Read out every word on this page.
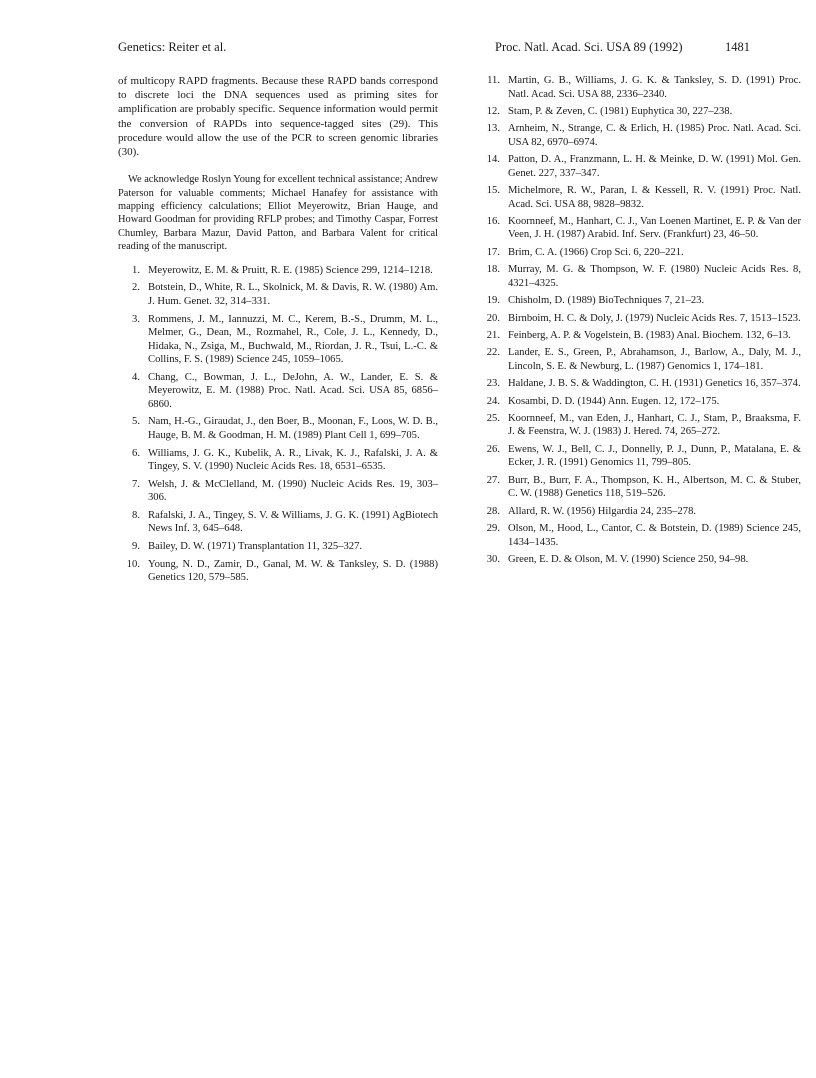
Genetics: Reiter et al.	Proc. Natl. Acad. Sci. USA 89 (1992)	1481

of multicopy RAPD fragments. Because these RAPD bands correspond to discrete loci the DNA sequences used as priming sites for amplification are probably specific. Sequence information would permit the conversion of RAPDs into sequence-tagged sites (29). This procedure would allow the use of the PCR to screen genomic libraries (30).

We acknowledge Roslyn Young for excellent technical assistance; Andrew Paterson for valuable comments; Michael Hanafey for assistance with mapping efficiency calculations; Elliot Meyerowitz, Brian Hauge, and Howard Goodman for providing RFLP probes; and Timothy Caspar, Forrest Chumley, Barbara Mazur, David Patton, and Barbara Valent for critical reading of the manuscript.

1. Meyerowitz, E. M. & Pruitt, R. E. (1985) Science 299, 1214–1218.
2. Botstein, D., White, R. L., Skolnick, M. & Davis, R. W. (1980) Am. J. Hum. Genet. 32, 314–331.
3. Rommens, J. M., Iannuzzi, M. C., Kerem, B.-S., Drumm, M. L., Melmer, G., Dean, M., Rozmahel, R., Cole, J. L., Kennedy, D., Hidaka, N., Zsiga, M., Buchwald, M., Riordan, J. R., Tsui, L.-C. & Collins, F. S. (1989) Science 245, 1059–1065.
4. Chang, C., Bowman, J. L., DeJohn, A. W., Lander, E. S. & Meyerowitz, E. M. (1988) Proc. Natl. Acad. Sci. USA 85, 6856–6860.
5. Nam, H.-G., Giraudat, J., den Boer, B., Moonan, F., Loos, W. D. B., Hauge, B. M. & Goodman, H. M. (1989) Plant Cell 1, 699–705.
6. Williams, J. G. K., Kubelik, A. R., Livak, K. J., Rafalski, J. A. & Tingey, S. V. (1990) Nucleic Acids Res. 18, 6531–6535.
7. Welsh, J. & McClelland, M. (1990) Nucleic Acids Res. 19, 303–306.
8. Rafalski, J. A., Tingey, S. V. & Williams, J. G. K. (1991) AgBiotech News Inf. 3, 645–648.
9. Bailey, D. W. (1971) Transplantation 11, 325–327.
10. Young, N. D., Zamir, D., Ganal, M. W. & Tanksley, S. D. (1988) Genetics 120, 579–585.
11. Martin, G. B., Williams, J. G. K. & Tanksley, S. D. (1991) Proc. Natl. Acad. Sci. USA 88, 2336–2340.
12. Stam, P. & Zeven, C. (1981) Euphytica 30, 227–238.
13. Arnheim, N., Strange, C. & Erlich, H. (1985) Proc. Natl. Acad. Sci. USA 82, 6970–6974.
14. Patton, D. A., Franzmann, L. H. & Meinke, D. W. (1991) Mol. Gen. Genet. 227, 337–347.
15. Michelmore, R. W., Paran, I. & Kessell, R. V. (1991) Proc. Natl. Acad. Sci. USA 88, 9828–9832.
16. Koornneef, M., Hanhart, C. J., Van Loenen Martinet, E. P. & Van der Veen, J. H. (1987) Arabid. Inf. Serv. (Frankfurt) 23, 46–50.
17. Brim, C. A. (1966) Crop Sci. 6, 220–221.
18. Murray, M. G. & Thompson, W. F. (1980) Nucleic Acids Res. 8, 4321–4325.
19. Chisholm, D. (1989) BioTechniques 7, 21–23.
20. Birnboim, H. C. & Doly, J. (1979) Nucleic Acids Res. 7, 1513–1523.
21. Feinberg, A. P. & Vogelstein, B. (1983) Anal. Biochem. 132, 6–13.
22. Lander, E. S., Green, P., Abrahamson, J., Barlow, A., Daly, M. J., Lincoln, S. E. & Newburg, L. (1987) Genomics 1, 174–181.
23. Haldane, J. B. S. & Waddington, C. H. (1931) Genetics 16, 357–374.
24. Kosambi, D. D. (1944) Ann. Eugen. 12, 172–175.
25. Koornneef, M., van Eden, J., Hanhart, C. J., Stam, P., Braaksma, F. J. & Feenstra, W. J. (1983) J. Hered. 74, 265–272.
26. Ewens, W. J., Bell, C. J., Donnelly, P. J., Dunn, P., Matalana, E. & Ecker, J. R. (1991) Genomics 11, 799–805.
27. Burr, B., Burr, F. A., Thompson, K. H., Albertson, M. C. & Stuber, C. W. (1988) Genetics 118, 519–526.
28. Allard, R. W. (1956) Hilgardia 24, 235–278.
29. Olson, M., Hood, L., Cantor, C. & Botstein, D. (1989) Science 245, 1434–1435.
30. Green, E. D. & Olson, M. V. (1990) Science 250, 94–98.
